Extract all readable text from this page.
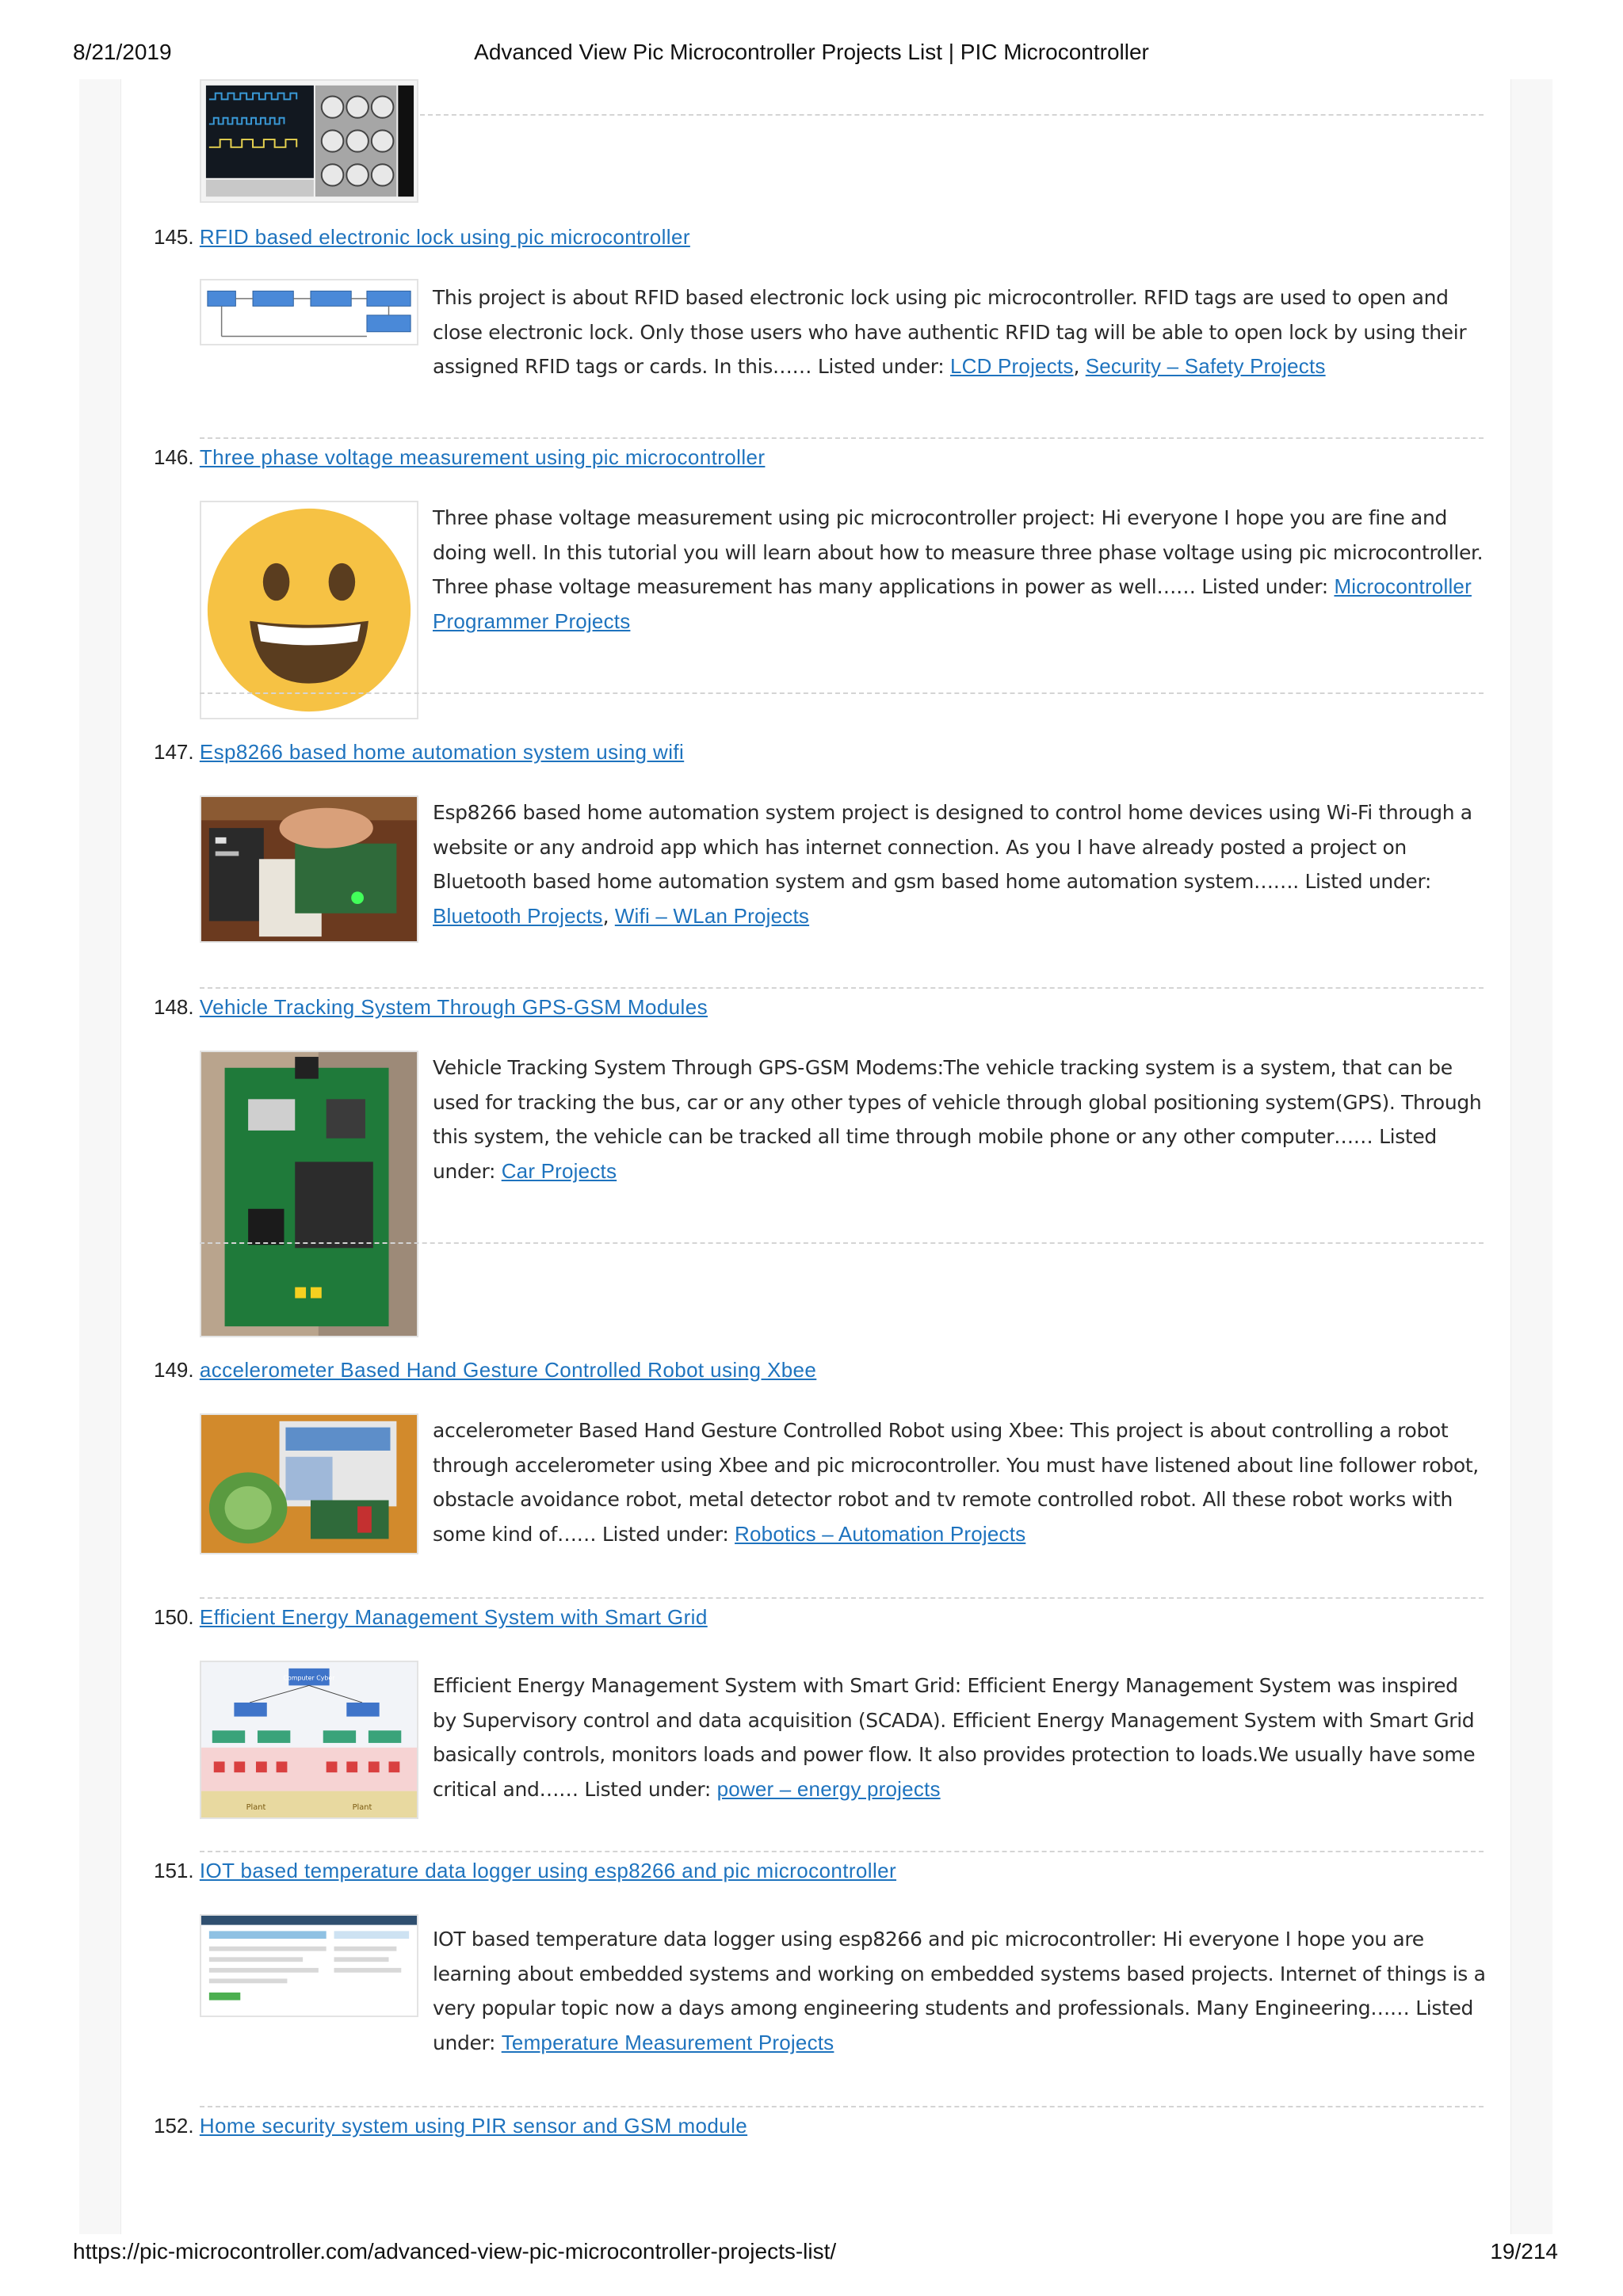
8/21/2019	Advanced View Pic Microcontroller Projects List | PIC Microcontroller
145. RFID based electronic lock using pic microcontroller
This project is about RFID based electronic lock using pic microcontroller. RFID tags are used to open and close electronic lock. Only those users who have authentic RFID tag will be able to open lock by using their assigned RFID tags or cards. In this…… Listed under: LCD Projects, Security – Safety Projects
146. Three phase voltage measurement using pic microcontroller
Three phase voltage measurement using pic microcontroller project: Hi everyone I hope you are fine and doing well. In this tutorial you will learn about how to measure three phase voltage using pic microcontroller. Three phase voltage measurement has many applications in power as well…… Listed under: Microcontroller Programmer Projects
147. Esp8266 based home automation system using wifi
Esp8266 based home automation system project is designed to control home devices using Wi-Fi through a website or any android app which has internet connection. As you I have already posted a project on Bluetooth based home automation system and gsm based home automation system……. Listed under: Bluetooth Projects, Wifi – WLan Projects
148. Vehicle Tracking System Through GPS-GSM Modules
Vehicle Tracking System Through GPS-GSM Modems:The vehicle tracking system is a system, that can be used for tracking the bus, car or any other types of vehicle through global positioning system(GPS). Through this system, the vehicle can be tracked all time through mobile phone or any other computer…… Listed under: Car Projects
149. accelerometer Based Hand Gesture Controlled Robot using Xbee
accelerometer Based Hand Gesture Controlled Robot using Xbee: This project is about controlling a robot through accelerometer using Xbee and pic microcontroller. You must have listened about line follower robot, obstacle avoidance robot, metal detector robot and tv remote controlled robot. All these robot works with some kind of…… Listed under: Robotics – Automation Projects
150. Efficient Energy Management System with Smart Grid
Computer Cyber
Plant	Plant
Efficient Energy Management System with Smart Grid: Efficient Energy Management System was inspired by Supervisory control and data acquisition (SCADA). Efficient Energy Management System with Smart Grid basically controls, monitors loads and power flow. It also provides protection to loads.We usually have some critical and…… Listed under: power – energy projects
151. IOT based temperature data logger using esp8266 and pic microcontroller
IOT based temperature data logger using esp8266 and pic microcontroller: Hi everyone I hope you are learning about embedded systems and working on embedded systems based projects. Internet of things is a very popular topic now a days among engineering students and professionals. Many Engineering…… Listed under: Temperature Measurement Projects
152. Home security system using PIR sensor and GSM module
https://pic-microcontroller.com/advanced-view-pic-microcontroller-projects-list/	19/214
